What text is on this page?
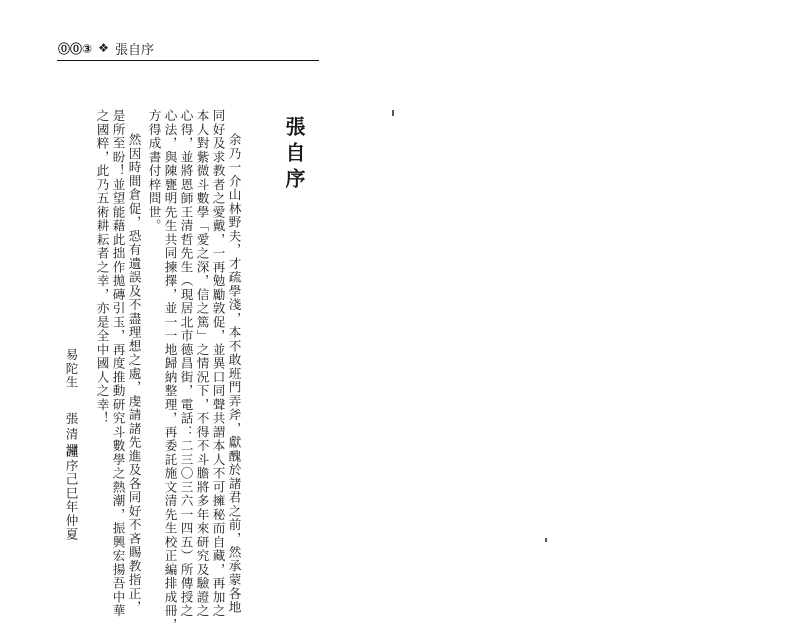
⓪⓪③ ❖ 張自序
張自序
余乃一介山林野夫，才疏學淺，本不敢班門弄斧，獻醜於諸君之前，然承蒙各地
同好及求教者之愛戴，一再勉勵敦促，並異口同聲共謂本人不可擁秘而自藏，再加之
本人對紫微斗數學「愛之深，信之篤」之情況下，不得不斗膽將多年來研究及驗證之
心得，並將恩師王清哲先生（現居北市德昌街，電話：二三〇三六一四五）所傳授之
心法，與陳甕明先生共同揀擇，並一一地歸納整理，再委託施文清先生校正編排成冊，
方得成書付梓問世。
然因時間倉促，恐有遺誤及不盡理想之處，虔請諸先進及各同好不吝賜教指正，
是所至盼！並望能藉此拙作拋磚引玉，再度推動研究斗數學之熱潮，振興宏揚吾中華
之國粹，此乃五術耕耘者之幸，亦是全中國人之幸！
易陀生
張清淵
謹序己巳年仲夏
